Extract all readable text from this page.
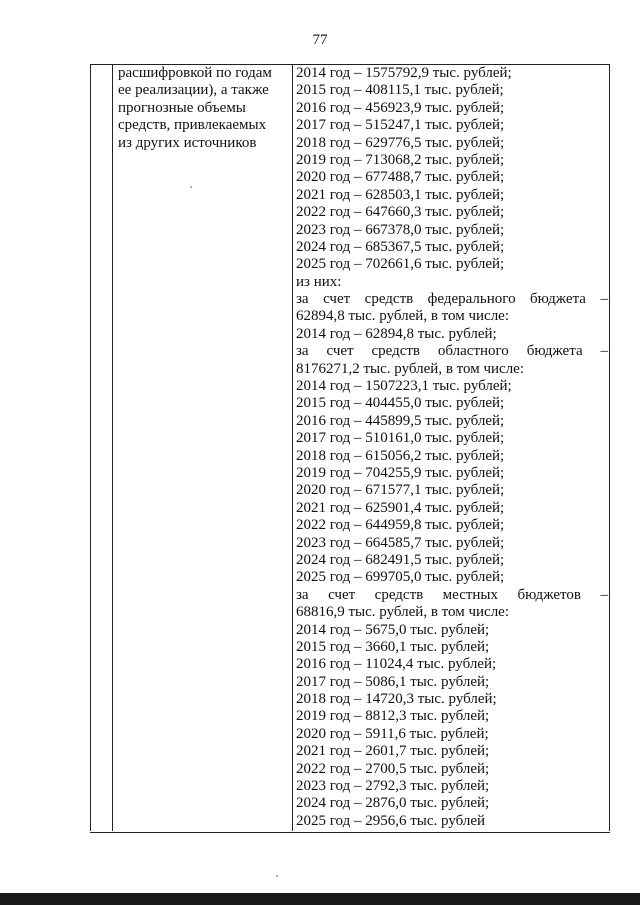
77
расшифровкой по годам
ее реализации), а также
прогнозные объемы
средств, привлекаемых
из других источников
2014 год – 1575792,9 тыс. рублей;
2015 год – 408115,1 тыс. рублей;
2016 год – 456923,9 тыс. рублей;
2017 год – 515247,1 тыс. рублей;
2018 год – 629776,5 тыс. рублей;
2019 год – 713068,2 тыс. рублей;
2020 год – 677488,7 тыс. рублей;
2021 год – 628503,1 тыс. рублей;
2022 год – 647660,3 тыс. рублей;
2023 год – 667378,0 тыс. рублей;
2024 год – 685367,5 тыс. рублей;
2025 год – 702661,6 тыс. рублей;
из них:
за счет средств федерального бюджета –
62894,8 тыс. рублей, в том числе:
2014 год – 62894,8 тыс. рублей;
за счет средств областного бюджета –
8176271,2 тыс. рублей, в том числе:
2014 год – 1507223,1 тыс. рублей;
2015 год – 404455,0 тыс. рублей;
2016 год – 445899,5 тыс. рублей;
2017 год – 510161,0 тыс. рублей;
2018 год – 615056,2 тыс. рублей;
2019 год – 704255,9 тыс. рублей;
2020 год – 671577,1 тыс. рублей;
2021 год – 625901,4 тыс. рублей;
2022 год – 644959,8 тыс. рублей;
2023 год – 664585,7 тыс. рублей;
2024 год – 682491,5 тыс. рублей;
2025 год – 699705,0 тыс. рублей;
за счет средств местных бюджетов –
68816,9 тыс. рублей, в том числе:
2014 год – 5675,0 тыс. рублей;
2015 год – 3660,1 тыс. рублей;
2016 год – 11024,4 тыс. рублей;
2017 год – 5086,1 тыс. рублей;
2018 год – 14720,3 тыс. рублей;
2019 год – 8812,3 тыс. рублей;
2020 год – 5911,6 тыс. рублей;
2021 год – 2601,7 тыс. рублей;
2022 год – 2700,5 тыс. рублей;
2023 год – 2792,3 тыс. рублей;
2024 год – 2876,0 тыс. рублей;
2025 год – 2956,6 тыс. рублей
